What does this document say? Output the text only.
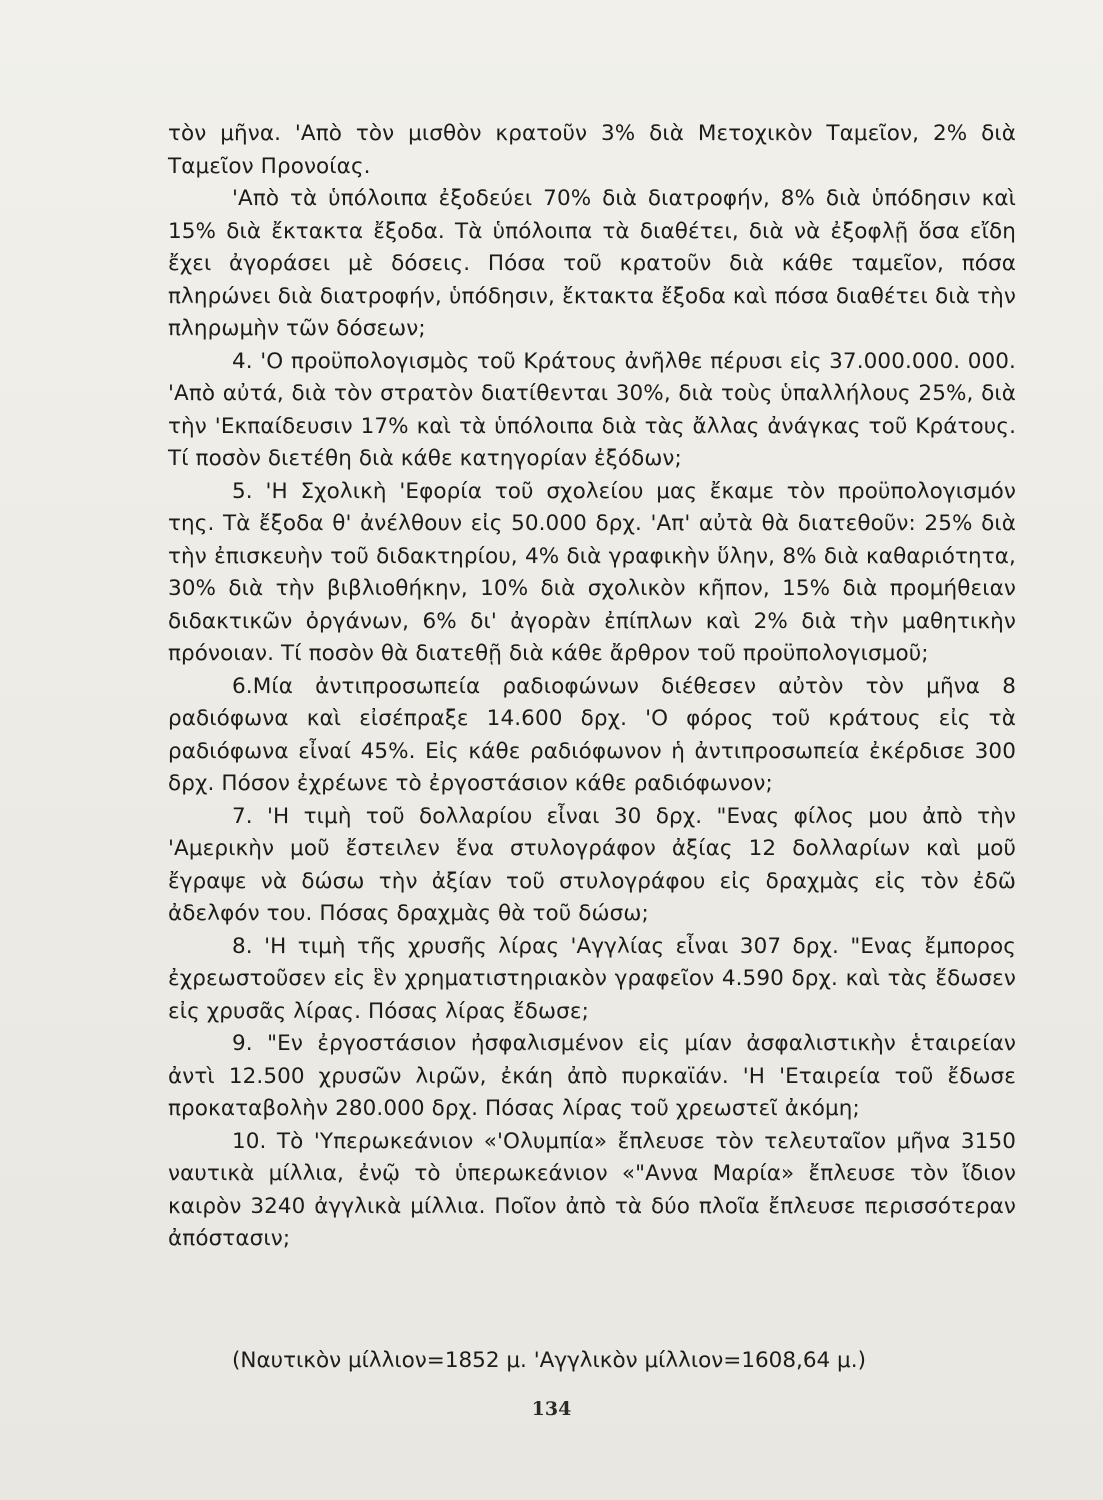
τὸν μῆνα. 'Απὸ τὸν μισθὸν κρατοῦν 3% διὰ Μετοχικὸν Ταμεῖον, 2% διὰ Ταμεῖον Προνοίας.

'Απὸ τὰ ὑπόλοιπα ἐξοδεύει 70% διὰ διατροφήν, 8% διὰ ὑπόδησιν καὶ 15% διὰ ἔκτακτα ἔξοδα. Τὰ ὑπόλοιπα τὰ διαθέτει, διὰ νὰ ἐξοφλῇ ὅσα εἴδη ἔχει ἀγοράσει μὲ δόσεις. Πόσα τοῦ κρατοῦν διὰ κάθε ταμεῖον, πόσα πληρώνει διὰ διατροφήν, ὑπόδησιν, ἔκτακτα ἔξοδα καὶ πόσα διαθέτει διὰ τὴν πληρωμὴν τῶν δόσεων;

4. 'Ο προϋπολογισμὸς τοῦ Κράτους ἀνῆλθε πέρυσι εἰς 37.000.000. 000. 'Απὸ αὐτά, διὰ τὸν στρατὸν διατίθενται 30%, διὰ τοὺς ὑπαλλήλους 25%, διὰ τὴν 'Εκπαίδευσιν 17% καὶ τὰ ὑπόλοιπα διὰ τὰς ἄλλας ἀνάγκας τοῦ Κράτους. Τί ποσὸν διετέθη διὰ κάθε κατηγορίαν ἐξόδων;

5. 'Η Σχολικὴ 'Εφορία τοῦ σχολείου μας ἔκαμε τὸν προϋπολογισμόν της. Τὰ ἔξοδα θ' ἀνέλθουν εἰς 50.000 δρχ. 'Απ' αὐτὰ θὰ διατεθοῦν: 25% διὰ τὴν ἐπισκευὴν τοῦ διδακτηρίου, 4% διὰ γραφικὴν ὕλην, 8% διὰ καθαριότητα, 30% διὰ τὴν βιβλιοθήκην, 10% διὰ σχολικὸν κῆπον, 15% διὰ προμήθειαν διδακτικῶν ὀργάνων, 6% δι' ἀγορὰν ἐπίπλων καὶ 2% διὰ τὴν μαθητικὴν πρόνοιαν. Τί ποσὸν θὰ διατεθῇ διὰ κάθε ἄρθρον τοῦ προϋπολογισμοῦ;

6.Μία ἀντιπροσωπεία ραδιοφώνων διέθεσεν αὐτὸν τὸν μῆνα 8 ραδιόφωνα καὶ εἰσέπραξε 14.600 δρχ. 'Ο φόρος τοῦ κράτους εἰς τὰ ραδιόφωνα εἶναί 45%. Εἰς κάθε ραδιόφωνον ἡ ἀντιπροσωπεία ἐκέρδισε 300 δρχ. Πόσον ἐχρέωνε τὸ ἐργοστάσιον κάθε ραδιόφωνον;

7. 'Η τιμὴ τοῦ δολλαρίου εἶναι 30 δρχ. "Ενας φίλος μου ἀπὸ τὴν 'Αμερικὴν μοῦ ἔστειλεν ἕνα στυλογράφον ἀξίας 12 δολλαρίων καὶ μοῦ ἔγραψε νὰ δώσω τὴν ἀξίαν τοῦ στυλογράφου εἰς δραχμὰς εἰς τὸν ἐδῶ ἀδελφόν του. Πόσας δραχμὰς θὰ τοῦ δώσω;

8. 'Η τιμὴ τῆς χρυσῆς λίρας 'Αγγλίας εἶναι 307 δρχ. "Ενας ἔμπορος ἐχρεωστοῦσεν εἰς ἓν χρηματιστηριακὸν γραφεῖον 4.590 δρχ. καὶ τὰς ἔδωσεν εἰς χρυσᾶς λίρας. Πόσας λίρας ἔδωσε;

9. "Εν ἐργοστάσιον ἠσφαλισμένον εἰς μίαν ἀσφαλιστικὴν ἑταιρείαν ἀντὶ 12.500 χρυσῶν λιρῶν, ἐκάη ἀπὸ πυρκαϊάν. 'Η 'Εταιρεία τοῦ ἔδωσε προκαταβολὴν 280.000 δρχ. Πόσας λίρας τοῦ χρεωστεῖ ἀκόμη;

10. Τὸ 'Υπερωκεάνιον «'Ολυμπία» ἔπλευσε τὸν τελευταῖον μῆνα 3150 ναυτικὰ μίλλια, ἐνῷ τὸ ὑπερωκεάνιον «"Αννα Μαρία» ἔπλευσε τὸν ἴδιον καιρὸν 3240 ἀγγλικὰ μίλλια. Ποῖον ἀπὸ τὰ δύο πλοῖα ἔπλευσε περισσότεραν ἀπόστασιν;

(Ναυτικὸν μίλλιον=1852 μ. 'Αγγλικὸν μίλλιον=1608,64 μ.)
134
